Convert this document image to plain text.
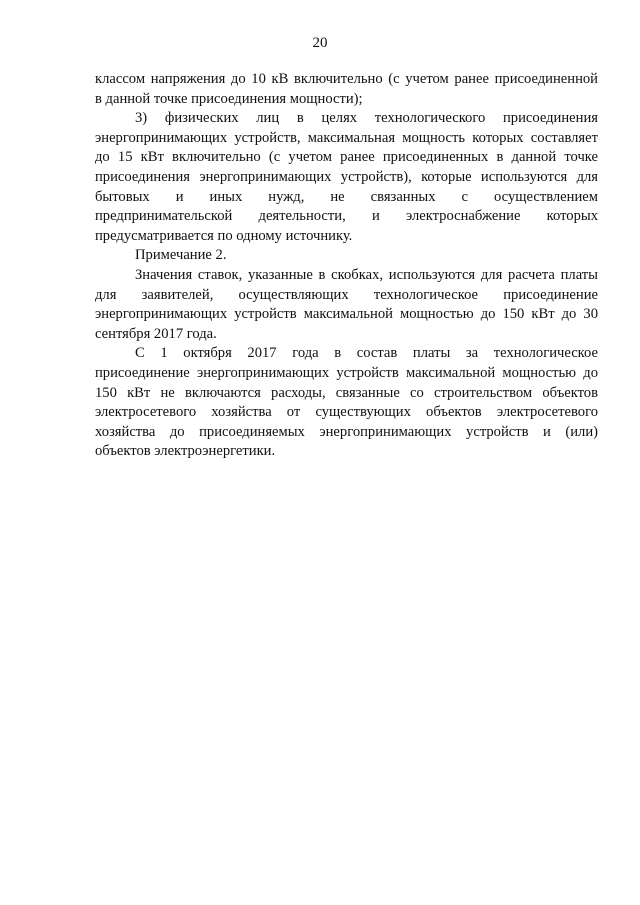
20
классом напряжения до 10 кВ включительно (с учетом ранее присоединенной
в данной точке присоединения мощности);
3) физических лиц в целях технологического присоединения
энергопринимающих устройств, максимальная мощность которых составляет
до 15 кВт включительно (с учетом ранее присоединенных в данной точке
присоединения энергопринимающих устройств), которые используются для
бытовых и иных нужд, не связанных с осуществлением
предпринимательской деятельности, и электроснабжение которых
предусматривается по одному источнику.
Примечание 2.
Значения ставок, указанные в скобках, используются для расчета платы
для заявителей, осуществляющих технологическое присоединение
энергопринимающих устройств максимальной мощностью до 150 кВт до 30
сентября 2017 года.
С 1 октября 2017 года в состав платы за технологическое
присоединение энергопринимающих устройств максимальной мощностью до
150 кВт не включаются расходы, связанные со строительством объектов
электросетевого хозяйства от существующих объектов электросетевого
хозяйства до присоединяемых энергопринимающих устройств и (или)
объектов электроэнергетики.
